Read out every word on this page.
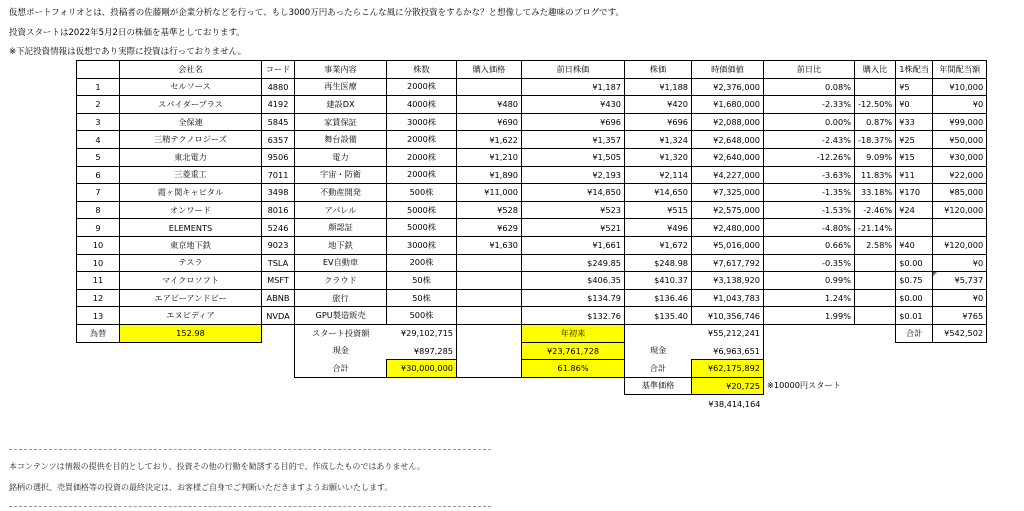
仮想ポートフォリオとは、投稿者の佐藤剛が企業分析などを行って、もし3000万円あったらこんな風に分散投資をするかな？と想像してみた趣味のブログです。
投資スタートは2022年5月2日の株価を基準としております。
※下記投資情報は仮想であり実際に投資は行っておりません。
	会社名	コード	事業内容	株数	購入価格	前日株価	株価	時価価値	前日比	購入比	1株配当	年間配当額
1	セルソース	4880	再生医療	2000株		¥1,187	¥1,188	¥2,376,000	0.08%		¥5	¥10,000
2	スパイダープラス	4192	建設DX	4000株	¥480	¥430	¥420	¥1,680,000	-2.33%	-12.50%	¥0	¥0
3	全保連	5845	家賃保証	3000株	¥690	¥696	¥696	¥2,088,000	0.00%	0.87%	¥33	¥99,000
4	三精テクノロジーズ	6357	舞台設備	2000株	¥1,622	¥1,357	¥1,324	¥2,648,000	-2.43%	-18.37%	¥25	¥50,000
5	東北電力	9506	電力	2000株	¥1,210	¥1,505	¥1,320	¥2,640,000	-12.26%	9.09%	¥15	¥30,000
6	三菱重工	7011	宇宙・防衛	2000株	¥1,890	¥2,193	¥2,114	¥4,227,000	-3.63%	11.83%	¥11	¥22,000
7	霞ヶ関キャピタル	3498	不動産開発	500株	¥11,000	¥14,850	¥14,650	¥7,325,000	-1.35%	33.18%	¥170	¥85,000
8	オンワード	8016	アパレル	5000株	¥528	¥523	¥515	¥2,575,000	-1.53%	-2.46%	¥24	¥120,000
9	ELEMENTS	5246	顔認証	5000株	¥629	¥521	¥496	¥2,480,000	-4.80%	-21.14%		
10	東京地下鉄	9023	地下鉄	3000株	¥1,630	¥1,661	¥1,672	¥5,016,000	0.66%	2.58%	¥40	¥120,000
10	テスラ	TSLA	EV自動車	200株		$249.85	$248.98	¥7,617,792	-0.35%		$0.00	¥0
11	マイクロソフト	MSFT	クラウド	50株		$406.35	$410.37	¥3,138,920	0.99%		$0.75	¥5,737
12	エアビーアンドビー	ABNB	旅行	50株		$134.79	$136.46	¥1,043,783	1.24%		$0.00	¥0
13	エヌビディア	NVDA	GPU製造販売	500株		$132.76	$135.40	¥10,356,746	1.99%		$0.01	¥765
為替	152.98		スタート投資額	¥29,102,715		年初来		¥55,212,241			合計	¥542,502
			現金	¥897,285		¥23,761,728	現金	¥6,963,651				
			合計	¥30,000,000		61.86%	合計	¥62,175,892				
							基準価格	¥20,725	※10000円スタート			
								¥38,414,164				
本コンテンツは情報の提供を目的としており、投資その他の行動を勧誘する目的で、作成したものではありません。
銘柄の選択、売買価格等の投資の最終決定は、お客様ご自身でご判断いただきますようお願いいたします。
